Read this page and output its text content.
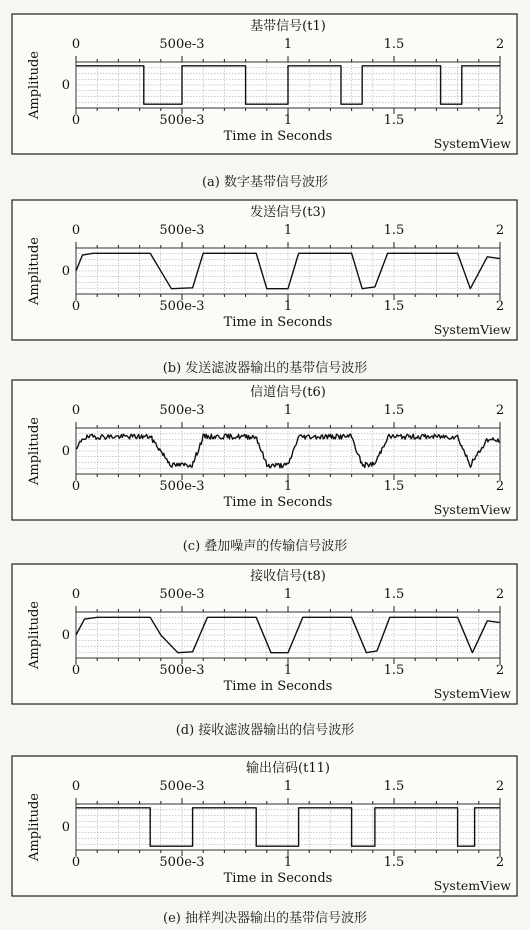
基带信号(t1)
0	500e-3	1	1.5	2
0	500e-3	1	1.5	2
0
Amplitude
Time in Seconds	SystemView
(a) 数字基带信号波形
发送信号(t3)
0	500e-3	1	1.5	2
0	500e-3	1	1.5	2
0
Amplitude
Time in Seconds	SystemView
(b) 发送滤波器输出的基带信号波形
信道信号(t6)
0	500e-3	1	1.5	2
0	500e-3	1	1.5	2
0
Amplitude
Time in Seconds	SystemView
(c) 叠加噪声的传输信号波形
接收信号(t8)
0	500e-3	1	1.5	2
0	500e-3	1	1.5	2
0
Amplitude
Time in Seconds	SystemView
(d) 接收滤波器输出的信号波形
输出信码(t11)
0	500e-3	1	1.5	2
0	500e-3	1	1.5	2
0
Amplitude
Time in Seconds	SystemView
(e) 抽样判决器输出的基带信号波形
